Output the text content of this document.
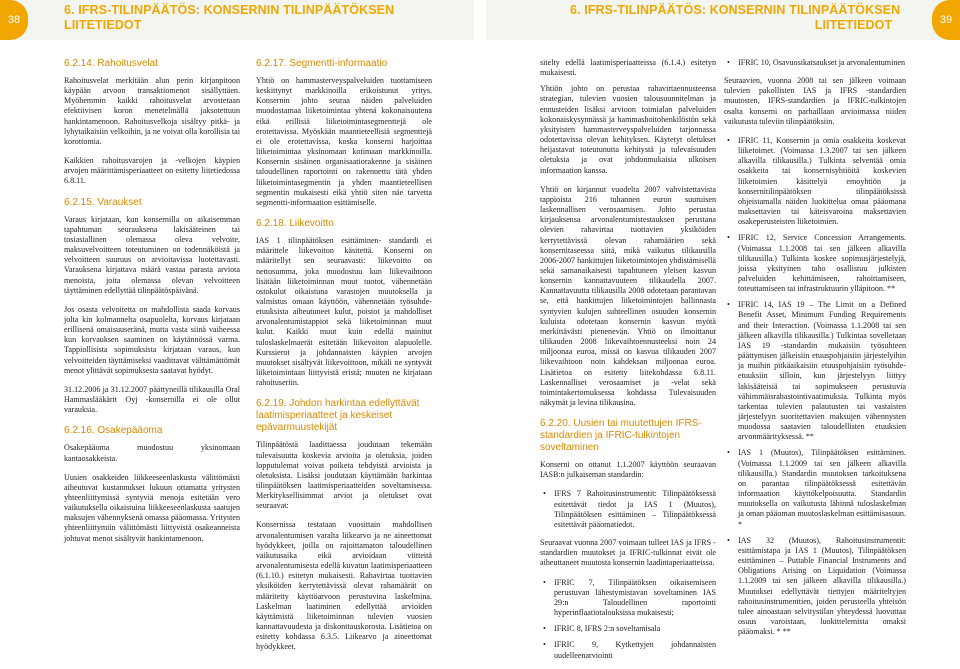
38
6. IFRS-TILINPÄÄTÖS: KONSERNIN TILINPÄÄTÖKSEN
LIITETIEDOT
6. IFRS-TILINPÄÄTÖS: KONSERNIN TILINPÄÄTÖKSEN
LIITETIEDOT	39
6.2.14. Rahoitusvelat

Rahoitusvelat merkitään alun perin kirjanpitoon käypään arvoon transaktiomenot sisällyttäen. Myöhemmin kaikki rahoitusvelat arvostetaan efektiivisen koron menetelmällä jaksotettuun hankintamenoon. Rahoitusvelkoja sisältyy pitkä- ja lyhytaikaisiin velkoihin, ja ne voivat olla korollisia tai korottomia.

Kaikkien rahoitusvarojen ja -velkojen käypien arvojen määrittämisperiaatteet on esitetty liitetiedossa 6.8.11.

6.2.15. Varaukset

Varaus kirjataan, kun konsernilla on aikaisemman tapahtuman seurauksena lakisääteinen tai tosiasiallinen olemassa oleva velvoite, maksuvelvoitteen toteutuminen on todennäköistä ja velvoitteen suuruus on arvioitavissa luotettavasti. Varauksena kirjattava määrä vastaa parasta arviota menoista, joita olemassa olevan velvoitteen täyttäminen edellyttää tilinpäätöspäivänä.

Jos osasta velvoitetta on mahdollista saada korvaus jolta kin kolmannelta osapuolelta, korvaus kirjataan erillisenä omaisuuseränä, mutta vasta siinä vaiheessa kun korvauksen saaminen on käytännössä varma. Tappiollisista sopimuksista kirjataan varaus, kun velvoitteiden täyttämiseksi vaadittavat välttämättömät menot ylittävät sopimuksesta saatavat hyödyt.

31.12.2006 ja 31.12.2007 päättyneillä tilikausilla Oral Hammaslääkärit Oyj -konsernilla ei ole ollut varauksia.

6.2.16. Osakepääoma

Osakepääoma muodostuu yksinomaan kantaosakkeista.

Uusien osakkeiden liikkeeseenlaskusta välittömästi aiheutuvat kustannukset lukuun ottamatta yritysten yhteenliittymissä syntyviä menoja esitetään vero vaikutuksella oikaistuina liikkeeseenlaskusta saatujen maksujen vähennyksenä omassa pääomassa. Yritysten yhteenliittymiin välittömästi liittyvistä osakeanneista johtuvat menot sisältyvät hankintamenoon.

6.2.17. Segmentti-informaatio

Yhtiö on hammasterveyspalveluiden tuottamiseen keskittynyt markkinoilla erikoistunut yritys. Konsernin johto seuraa näiden palveluiden muodostamaa liiketoimintaa yhtenä kokonaisuutena eikä erillisiä liiketoimintasegmenttejä ole erotettavissa. Myöskään maantieteellisiä segmenttejä ei ole erotettavissa, koska konserni harjoittaa liiketoimintaa yksinomaan kotimaan markkinoilla. Konsernin sisäinen organisaatiorakenne ja sisäinen taloudellinen raportointi on rakennettu tätä yhden liiketoimintasegmentin ja yhden maantieteellisen segmentin mukaisesti eikä yhtiö siten näe tarvetta segmentti-informaation esittämiselle.

6.2.18. Liikevoitto

IAS 1 tilinpäätöksen esittäminen- standardi ei määrittele liikevoiton käsitettä. Konserni on määritellyt sen seuraavasti: liikevoitto on nettosumma, joka muodostuu kun liikevaihtoon lisätään liiketoiminnan muut tuotot, vähennetään ostokulut oikaistuna varastojen muutoksella ja valmistus omaan käyttöön, vähennetään työsuhde-etuuksista aiheutuneet kulut, poistot ja mahdolliset arvonalentumistappiot sekä liiketoiminnan muut kulut. Kaikki muut kuin edellä mainitut tuloslaskelmaerät esitetään liikevoiton alapuolelle. Kurssierot ja johdannaisten käypien arvojen muutokset sisältyvät liikevoittoon, mikäli ne syntyvät liiketoimintaan liittyvistä eristä; muuten ne kirjataan rahoituseriin.

6.2.19. Johdon harkintaa edellyttävät laatimisperiaatteet ja keskeiset epävarmuustekijät

Tilinpäätöstä laadittaessa joudutaan tekemään tulevaisuutta koskevia arvioita ja oletuksia, joiden lopputulemat voivat poiketa tehdyistä arvioista ja oletuksista. Lisäksi joudutaan käyttämään harkintaa tilinpäätöksen laatimisperiaatteiden soveltamisessa. Merkityksellisimmat arviot ja oletukset ovat seuraavat:

Konsernissa testataan vuosittain mahdollisen arvonalentumisen varalta liikearvo ja ne aineettomat hyödykkeet, joilla on rajoittamaton taloudellinen vaikutusaika eikä arvioidaan viitteitä arvonalentumisesta edellä kuvatun laatimisperiaatteen (6.1.10.) esitetyn mukaisesti. Rahavirtaa tuottavien yksiköiden kerrytettävissä olevat rahamäärät on määritetty käyttöarvoon perustuvina laskelmina. Laskelman laatiminen edellyttää arvioiden käyttämistä liiketoiminnan tulevien vuosien kannattavuudesta ja diskonttauskorosta. Lisätietoa on esitetty kohdassa 6.3.5. Liikearvo ja aineettomat hyödykkeet.

sitelty edellä laatimisperiaatteissa (6.1.4.) esitetyn mukaisesti.

Yhtiön johto on perustaa rahavirtaennusteensa strategian, tulevien vuosien talousuunnitelman ja ennusteiden lisäksi arvioon toimialan palveluiden kokonaiskysynnässä ja hammashoitohenkilöstön sekä yksityisten hammasterveyspalveluiden tarjonnassa odotettavissa olevan kehityksen. Käytetyt oletukset heijastavat toteutunutta kehitystä ja tulevaisuuden oletuksia ja ovat johdonmukaisia ulkoisen informaation kanssa.

Yhtiö on kirjannut vuodelta 2007 vahvistettavista tappioista 216 tuhannen euron suuruisen laskennallisen verosaamisen. Johto perustaa kirjauksensa arvonalentumistestauksen perustana olevien rahavirtaa tuottavien yksiköiden kerrytettävissä olevan rahamäärien sekä konsernitaseessa siitä, mikä vaikutus tilikausilla 2006-2007 hankittujen liiketoimintojen yhdistämisellä sekä samanaikaisesti tapahtuneen yleisen kasvun konsernin kannattavuuteen tilikaudella 2007. Kannattavuutta tilikausilla 2008 odotetaan parantavan se, että hankittujen liiketoimintojen hallinnasta syntyvien kulujen suhteellinen osuuden konsernin kuluista odotetaan konsernin kasvun myötä merkittävästi pienenevän. Yhtiö on ilmoittanut tilikauden 2008 liikevaihtoennusteeksi noin 24 miljoonaa euroa, missä on kasvua tilikauden 2007 liikevaihtoon noin kahdeksan miljoonaa euroa. Lisätietoa on esitetty liitekohdassa 6.8.11. Laskennalliset verosaamiset ja -velat sekä toimintakertomuksessa kohdassa Tulevaisuuden näkymät ja levina tilikausina.

6.2.20. Uusien tai muutettujen IFRS-standardien ja IFRIC-tulkintojen soveltaminen

Konserni on ottanut 1.1.2007 käyttöön seuraavan IASB:n julkaiseman standardin:

• IFRS 7 Rahoitusinstrumentit: Tilinpäätöksessä esitettävät tiedot ja IAS 1 (Muutos), Tilinpäätöksen esittäminen – Tilinpäätöksessä esitettävät pääomatiedot.

Seuraavat vuonna 2007 voimaan tulleet IAS ja IFRS -standardien muutokset ja IFRIC-tulkinnat eivät ole aiheuttaneet muutosta konsernin laadintaperiaatteissa.

• IFRIC 7, Tilinpäätöksen oikaisemiseen perustuvan lähestymistavan soveltaminen IAS 29:n Taloudellinen raportointi hyperinflaatiotalouksissa mukaisesti;
• IFRIC 8, IFRS 2:n soveltamisala
• IFRIC 9, Kytkettyjen johdannaisten uudelleenarviointi
• IFRIC 10, Osavuosikatsaukset ja arvonalentuminen

Seuraavien, vuonna 2008 tai sen jälkeen voimaan tulevien pakollisten IAS ja IFRS -standardien muutosten, IFRS-standardien ja IFRIC-tulkintojen osalta konserni on parhaillaan arvioimassa niiden vaikutusta tuleviin tilinpäätöksiin.

• IFRIC 11, Konsernin ja omia osakkeita koskevat liiketoimet. (Voimassa 1.3.2007 tai sen jälkeen alkavilla tilikausilla.) Tulkinta selventää omia osakkeita tai konsernisyhtiöitä koskevien liiketoimien käsittelyä emoyhtiön ja konsernitilinpäätöksen tilinpäätöksissä ohjeistamalla näiden luokittelua omaa pääomana maksettavien tai käteisvaroina maksettavien osakeperusteisten liiketoimien.
• IFRIC 12, Service Concession Arrangements. (Voimassa 1.1.2008 tai sen jälkeen alkavilla tilikausilla.) Tulkinta koskee sopimusjärjestelyjä, joissa yksityinen taho osallistuu julkisten palveluiden kehittämiseen, rahoittamiseen, toteuttamiseen tai infrastruktuurin ylläpitoon. **
• IFRIC 14, IAS 19 – The Limit on a Defined Benefit Asset, Minimum Funding Requirements and their Interaction. (Voimassa 1.1.2008 tai sen jälkeen alkavilla tilikausilla.) Tulkintaa sovelletaan IAS 19 -standardin mukaisiin työsuhteen päättymisen jälkeisiin etuuspohjaisiin järjestelyihin ja muihin pitkäaikaisiin etuuspohjaisiin työsuhde-etuuksiin silloin, kun järjestelyyn liittyy lakisääteisiä tai sopimukseen perustuvia vähimmäisrahastointivaatimuksia. Tulkinta myös tarkentaa tulevien palautusten tai vastaisten järjestelyyn suoritettavien maksujen vähennysten muodossa saatavien taloudellisten etuuksien arvonmäärityksessä. **
• IAS 1 (Muutos), Tilinpäätöksen esittäminen. (Voimassa 1.1.2009 tai sen jälkeen alkavilla tilikausilla.) Standardin muutoksen tarkoituksena on parantaa tilinpäätöksessä esitettävän informaation käyttökelpoisuutta. Standardin muutoksella on vaikutusta lähinnä tuloslaskelman ja oman pääoman muutoslaskelman esittämisasuun. *
• IAS 32 (Muutos), Rahoitusinstrumentit: esittämistapa ja IAS 1 (Muutos), Tilinpäätöksen esittäminen – Puttable Financial Instruments and Obligations Arising on Liquidation (Voimassa 1.1.2009 tai sen jälkeen alkavilla tilikausilla.) Muutokset edellyttävät tiettyjen määriteltyjen rahoitusinstrumenttien, joiden perusteella yhteisön tulee ainoastaan selvitystilan yhteydessä luovuttaa osuus varoistaan, luokittelemista omaksi pääomaksi. * **
